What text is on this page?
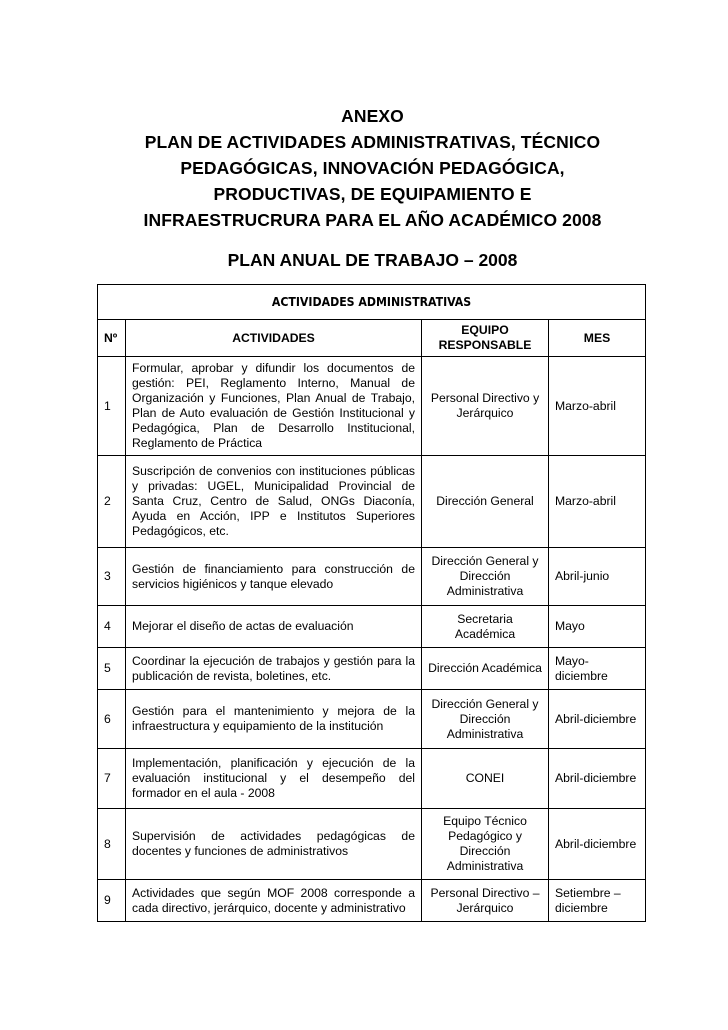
ANEXO
PLAN DE ACTIVIDADES ADMINISTRATIVAS, TÉCNICO
PEDAGÓGICAS, INNOVACIÓN PEDAGÓGICA,
PRODUCTIVAS, DE EQUIPAMIENTO E
INFRAESTRUCRURA PARA EL AÑO ACADÉMICO 2008
PLAN ANUAL DE TRABAJO – 2008
ACTIVIDADES ADMINISTRATIVAS			
Nº	ACTIVIDADES	EQUIPO RESPONSABLE	MES
1	Formular, aprobar y difundir los documentos de gestión: PEI, Reglamento Interno, Manual de Organización y Funciones, Plan Anual de Trabajo, Plan de Auto evaluación de Gestión Institucional y Pedagógica, Plan de Desarrollo Institucional, Reglamento de Práctica	Personal Directivo y Jerárquico	Marzo-abril
2	Suscripción de convenios con instituciones públicas y privadas: UGEL, Municipalidad Provincial de Santa Cruz, Centro de Salud, ONGs Diaconía, Ayuda en Acción, IPP e Institutos Superiores Pedagógicos, etc.	Dirección General	Marzo-abril
3	Gestión de financiamiento para construcción de servicios higiénicos y tanque elevado	Dirección General y Dirección Administrativa	Abril-junio
4	Mejorar el diseño de actas de evaluación	Secretaria Académica	Mayo
5	Coordinar la ejecución de trabajos y gestión para la publicación de revista, boletines, etc.	Dirección Académica	Mayo-diciembre
6	Gestión para el mantenimiento y mejora de la infraestructura y equipamiento de la institución	Dirección General y Dirección Administrativa	Abril-diciembre
7	Implementación, planificación y ejecución de la evaluación institucional y el desempeño del formador en el aula - 2008	CONEI	Abril-diciembre
8	Supervisión de actividades pedagógicas de docentes y funciones de administrativos	Equipo Técnico Pedagógico y Dirección Administrativa	Abril-diciembre
9	Actividades que según MOF 2008 corresponde a cada directivo, jerárquico, docente y administrativo	Personal Directivo – Jerárquico	Setiembre – diciembre
